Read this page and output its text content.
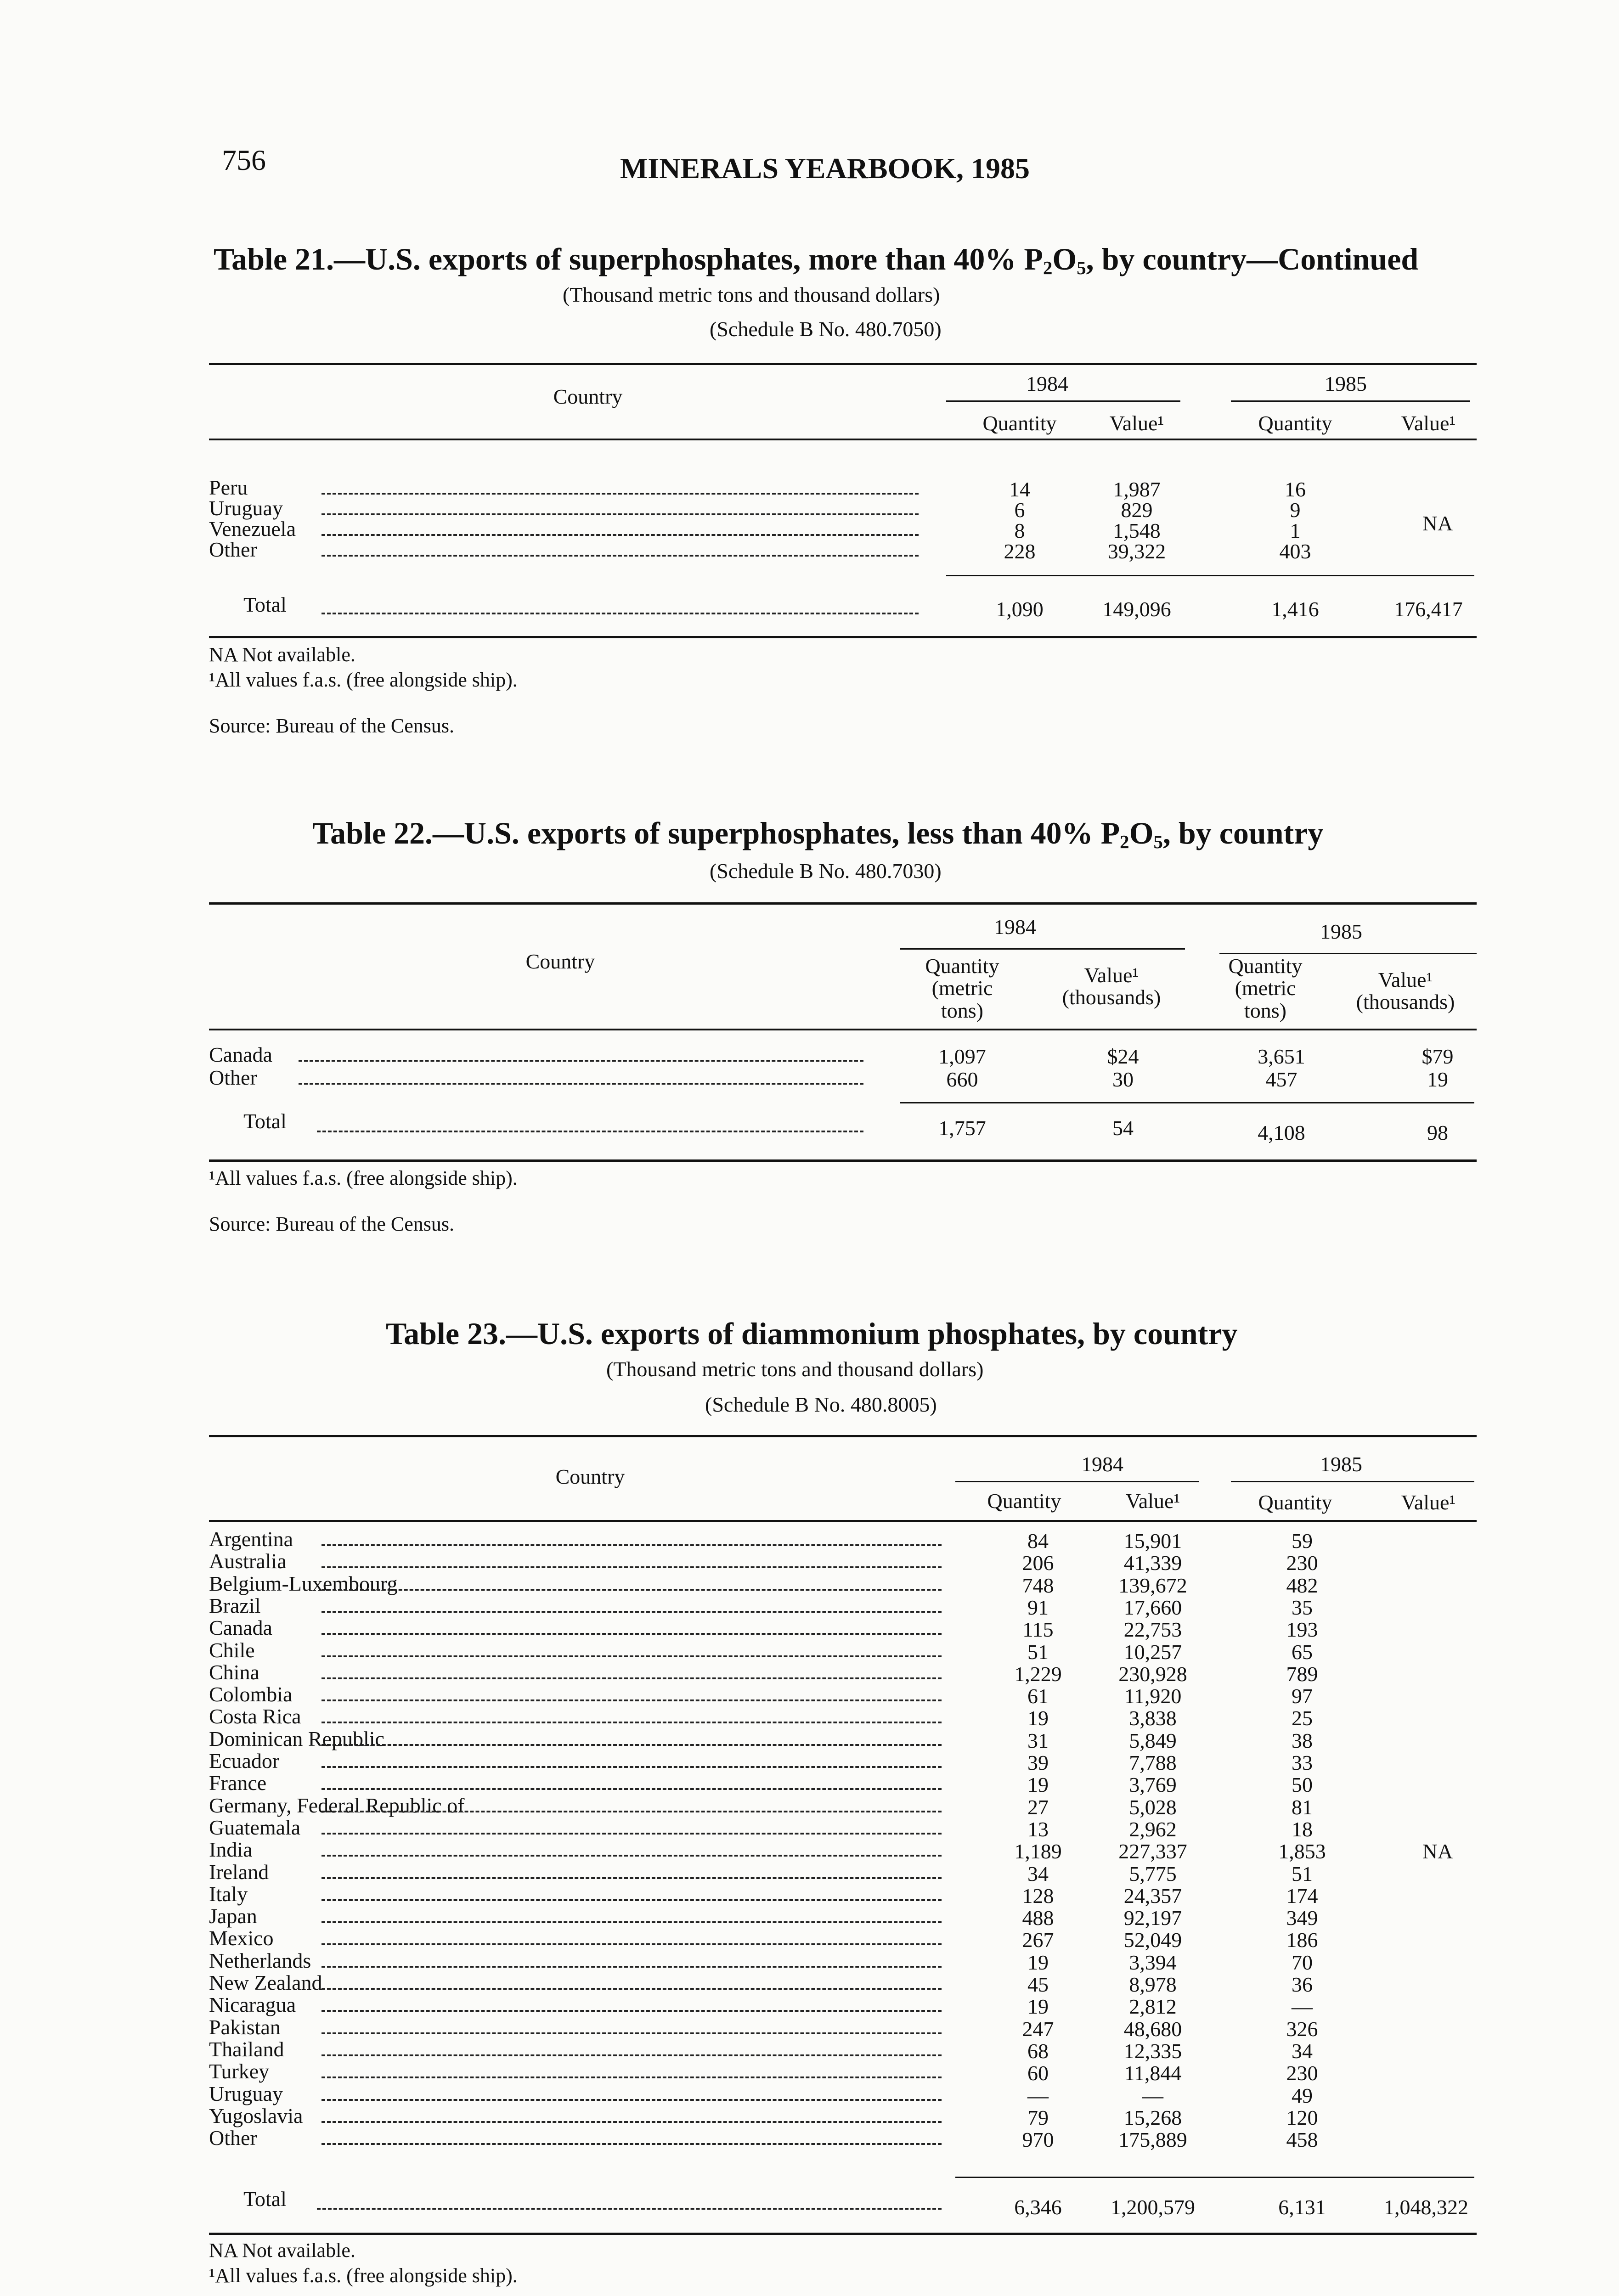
756	MINERALS YEARBOOK, 1985
Table 21.—U.S. exports of superphosphates, more than 40% $P_2O_5$, by country—Continued
(Thousand metric tons and thousand dollars)
(Schedule B No. 480.7050)
Country
1984	1985
Quantity	Value¹	Quantity	Value¹
Peru	14	1,987	16
Uruguay	6	829	9
Venezuela	8	1,548	1
Other	228	39,322	403
NA
Total	1,090	149,096	1,416	176,417
NA Not available.
¹All values f.a.s. (free alongside ship).
Source: Bureau of the Census.
Table 22.—U.S. exports of superphosphates, less than 40% $P_2O_5$, by country
(Schedule B No. 480.7030)
Country
1984	1985
Quantity (metric tons)
Value¹ (thousands)
Quantity (metric tons)
Value¹ (thousands)
Canada	1,097	$24	3,651	$79
Other	660	30	457	19
Total	1,757	54	4,108	98
¹All values f.a.s. (free alongside ship).
Source: Bureau of the Census.
Table 23.—U.S. exports of diammonium phosphates, by country
(Thousand metric tons and thousand dollars)
(Schedule B No. 480.8005)
Country
1984	1985
Quantity	Value¹	Quantity	Value¹
Argentina	84	15,901	59
Australia	206	41,339	230
Belgium-Luxembourg	748	139,672	482
Brazil	91	17,660	35
Canada	115	22,753	193
Chile	51	10,257	65
China	1,229	230,928	789
Colombia	61	11,920	97
Costa Rica	19	3,838	25
Dominican Republic	31	5,849	38
Ecuador	39	7,788	33
France	19	3,769	50
Germany, Federal Republic of	27	5,028	81
Guatemala	13	2,962	18
India	1,189	227,337	1,853
Ireland	34	5,775	51
Italy	128	24,357	174
Japan	488	92,197	349
Mexico	267	52,049	186
Netherlands	19	3,394	70
New Zealand	45	8,978	36
Nicaragua	19	2,812	—
Pakistan	247	48,680	326
Thailand	68	12,335	34
Turkey	60	11,844	230
Uruguay	—	—	49
Yugoslavia	79	15,268	120
Other	970	175,889	458
NA
Total	6,346	1,200,579	6,131	1,048,322
NA Not available.
¹All values f.a.s. (free alongside ship).
